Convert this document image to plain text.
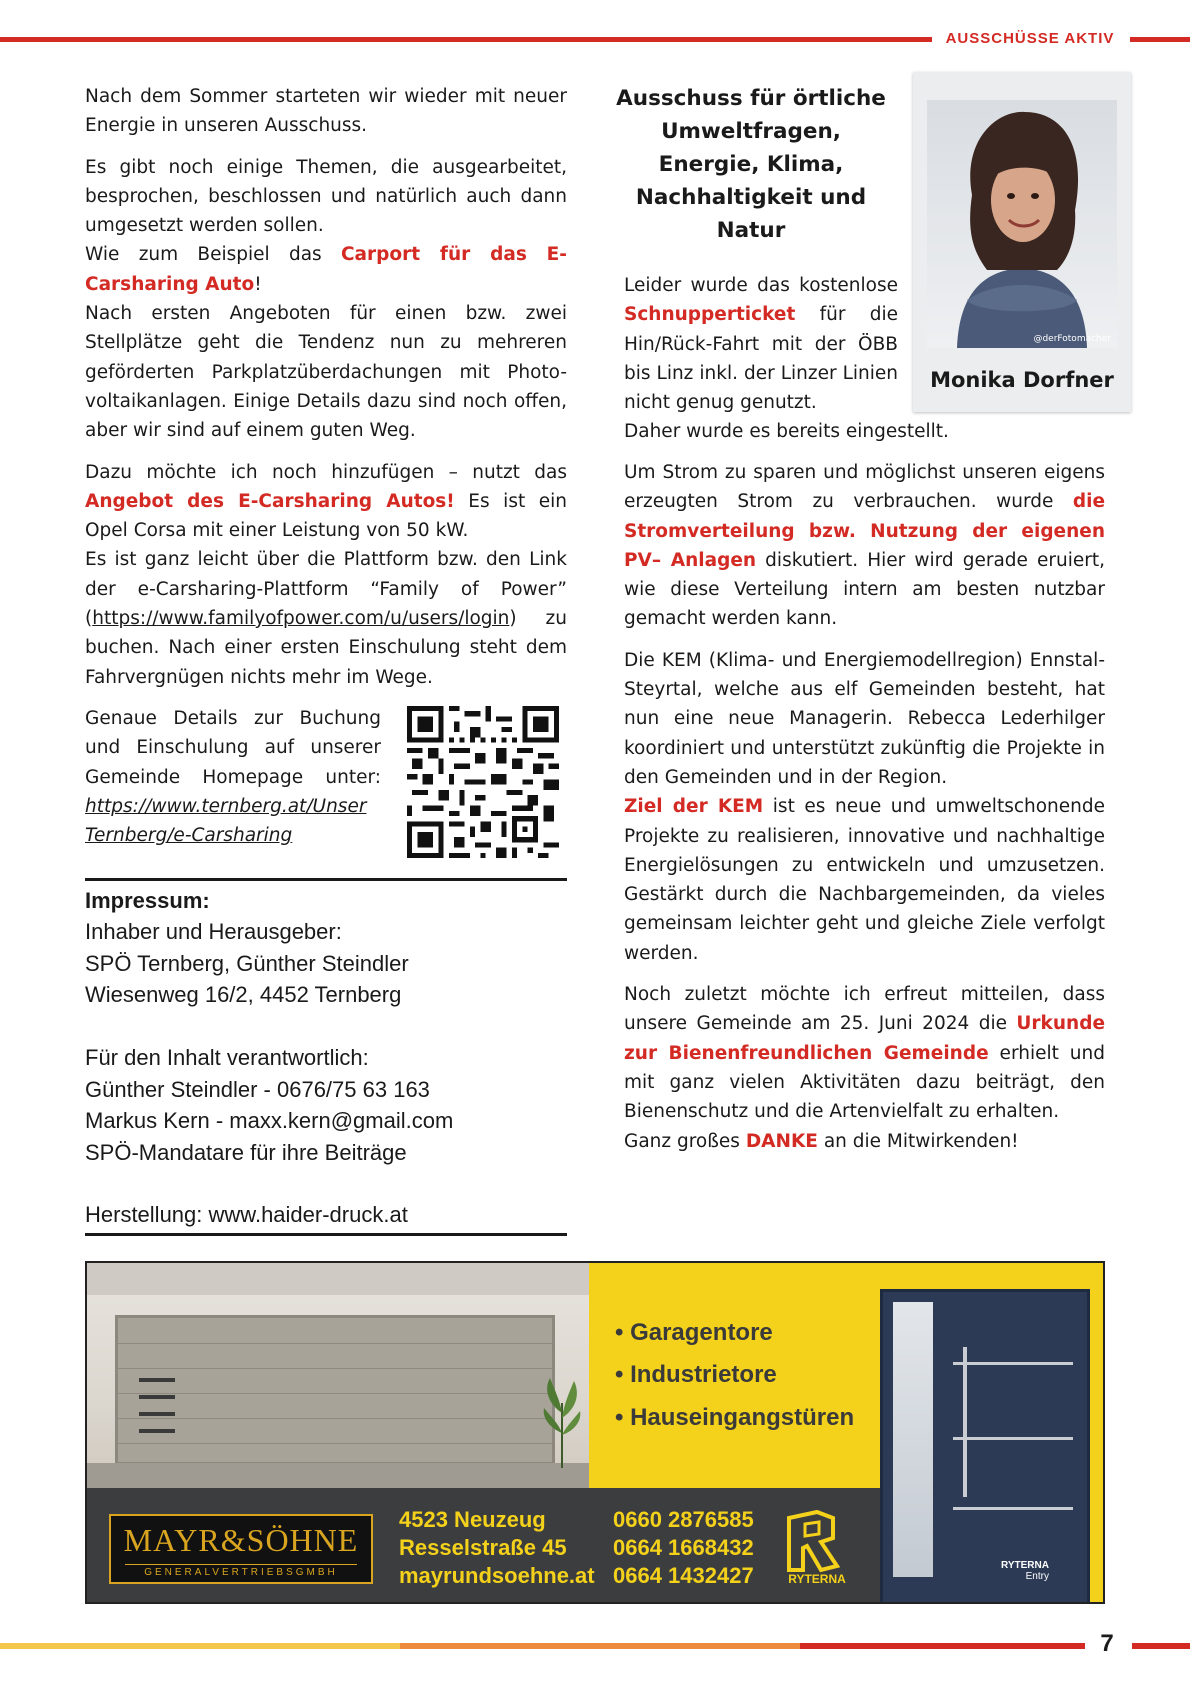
AUSSCHÜSSE AKTIV

Nach dem Sommer starteten wir wieder mit neuer Energie in unseren Ausschuss.

Es gibt noch einige Themen, die ausgearbeitet, besprochen, beschlossen und natürlich auch dann umgesetzt werden sollen.
Wie zum Beispiel das Carport für das E-Carsharing Auto!
Nach ersten Angeboten für einen bzw. zwei Stellplätze geht die Tendenz nun zu mehreren geförderten Parkplatzüberdachungen mit Photo-voltaikanlagen. Einige Details dazu sind noch offen, aber wir sind auf einem guten Weg.

Dazu möchte ich noch hinzufügen – nutzt das Angebot des E-Carsharing Autos! Es ist ein Opel Corsa mit einer Leistung von 50 kW.
Es ist ganz leicht über die Plattform bzw. den Link der e-Carsharing-Plattform “Family of Power” (https://www.familyofpower.com/u/users/login) zu buchen. Nach einer ersten Einschulung steht dem Fahrvergnügen nichts mehr im Wege.

Genaue Details zur Buchung und Einschulung auf unserer Gemeinde Homepage unter: https://www.ternberg.at/Unser Ternberg/e-Carsharing
Impressum:
Inhaber und Herausgeber:
SPÖ Ternberg, Günther Steindler
Wiesenweg 16/2, 4452 Ternberg

Für den Inhalt verantwortlich:
Günther Steindler - 0676/75 63 163
Markus Kern - maxx.kern@gmail.com
SPÖ-Mandatare für ihre Beiträge
Herstellung: www.haider-druck.at
Ausschuss für örtliche Umweltfragen, Energie, Klima, Nachhaltigkeit und Natur
@derFotomacher
Monika Dorfner

Leider wurde das kostenlose Schnupperticket für die Hin/Rück-Fahrt mit der ÖBB bis Linz inkl. der Linzer Linien nicht genug genutzt.

Daher wurde es bereits eingestellt.

Um Strom zu sparen und möglichst unseren eigens erzeugten Strom zu verbrauchen. wurde die Stromverteilung bzw. Nutzung der eigenen PV– Anlagen diskutiert. Hier wird gerade eruiert, wie diese Verteilung intern am besten nutzbar gemacht werden kann.

Die KEM (Klima- und Energiemodellregion) Ennstal-Steyrtal, welche aus elf Gemeinden besteht, hat nun eine neue Managerin. Rebecca Lederhilger koordiniert und unterstützt zukünftig die Projekte in den Gemeinden und in der Region.
Ziel der KEM ist es neue und umweltschonende Projekte zu realisieren, innovative und nachhaltige Energielösungen zu entwickeln und umzusetzen. Gestärkt durch die Nachbargemeinden, da vieles gemeinsam leichter geht und gleiche Ziele verfolgt werden.

Noch zuletzt möchte ich erfreut mitteilen, dass unsere Gemeinde am 25. Juni 2024 die Urkunde zur Bienenfreundlichen Gemeinde erhielt und mit ganz vielen Aktivitäten dazu beiträgt, den Bienenschutz und die Artenvielfalt zu erhalten.
Ganz großes DANKE an die Mitwirkenden!

• Garagentore
• Industrietore
• Hauseingangstüren
MAYR&SÖHNE
GENERALVERTRIEBSGMBH
4523 Neuzeug
Resselstraße 45
mayrundsoehne.at
0660 2876585
0664 1668432
0664 1432427	RYTERNA
RYTERNA
Entry
7
